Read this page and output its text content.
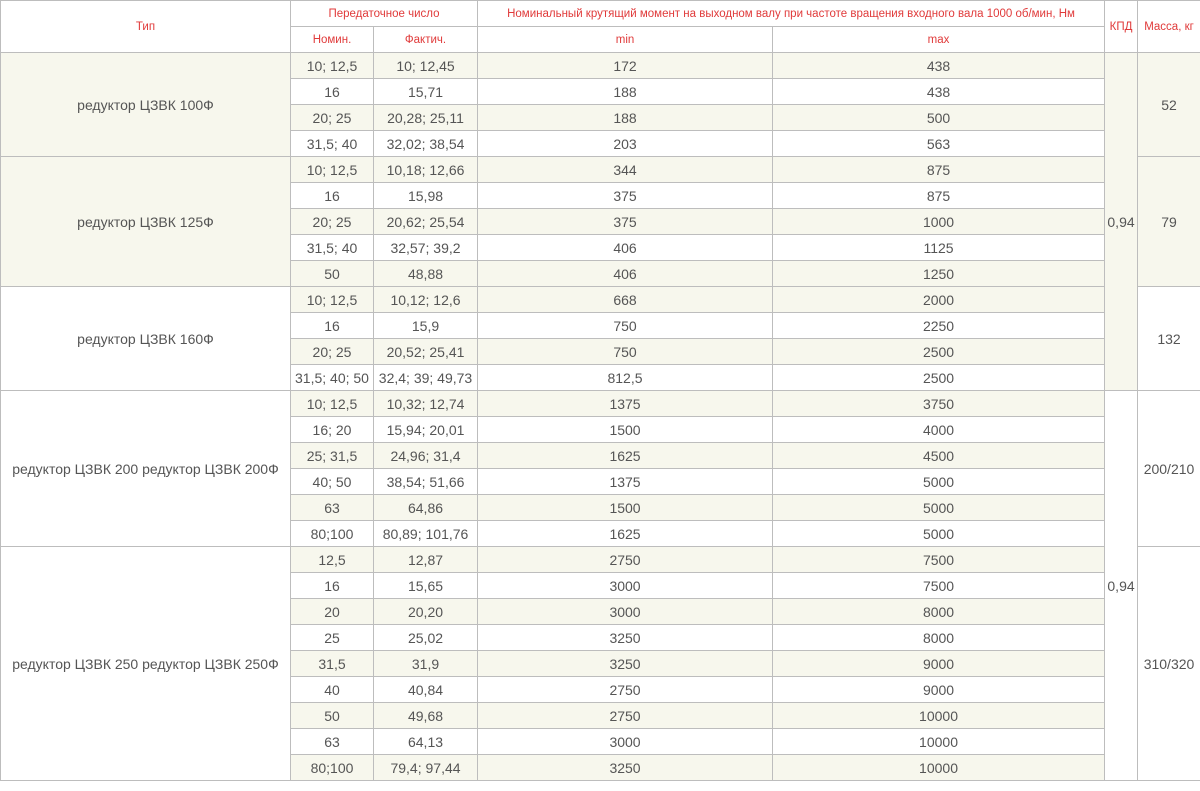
Тип	Передаточное число		Номинальный крутящий момент на выходном валу при частоте вращения входного вала 1000 об/мин, Нм		КПД	Масса, кг
	Номин.	Фактич.	min	max		
редуктор ЦЗВК 100Ф	10; 12,5	10; 12,45	172	438	0,94	52
	16	15,71	188	438		
	20; 25	20,28; 25,11	188	500		
	31,5; 40	32,02; 38,54	203	563		
редуктор ЦЗВК 125Ф	10; 12,5	10,18; 12,66	344	875		79
	16	15,98	375	875		
	20; 25	20,62; 25,54	375	1000		
	31,5; 40	32,57; 39,2	406	1125		
	50	48,88	406	1250		
редуктор ЦЗВК 160Ф	10; 12,5	10,12; 12,6	668	2000		132
	16	15,9	750	2250		
	20; 25	20,52; 25,41	750	2500		
	31,5; 40; 50	32,4; 39; 49,73	812,5	2500		
редуктор ЦЗВК 200 редуктор ЦЗВК 200Ф	10; 12,5	10,32; 12,74	1375	3750	0,94	200/210
	16; 20	15,94; 20,01	1500	4000		
	25; 31,5	24,96; 31,4	1625	4500		
	40; 50	38,54; 51,66	1375	5000		
	63	64,86	1500	5000		
	80;100	80,89; 101,76	1625	5000		
редуктор ЦЗВК 250 редуктор ЦЗВК 250Ф	12,5	12,87	2750	7500		310/320
	16	15,65	3000	7500		
	20	20,20	3000	8000		
	25	25,02	3250	8000		
	31,5	31,9	3250	9000		
	40	40,84	2750	9000		
	50	49,68	2750	10000		
	63	64,13	3000	10000		
	80;100	79,4; 97,44	3250	10000		
